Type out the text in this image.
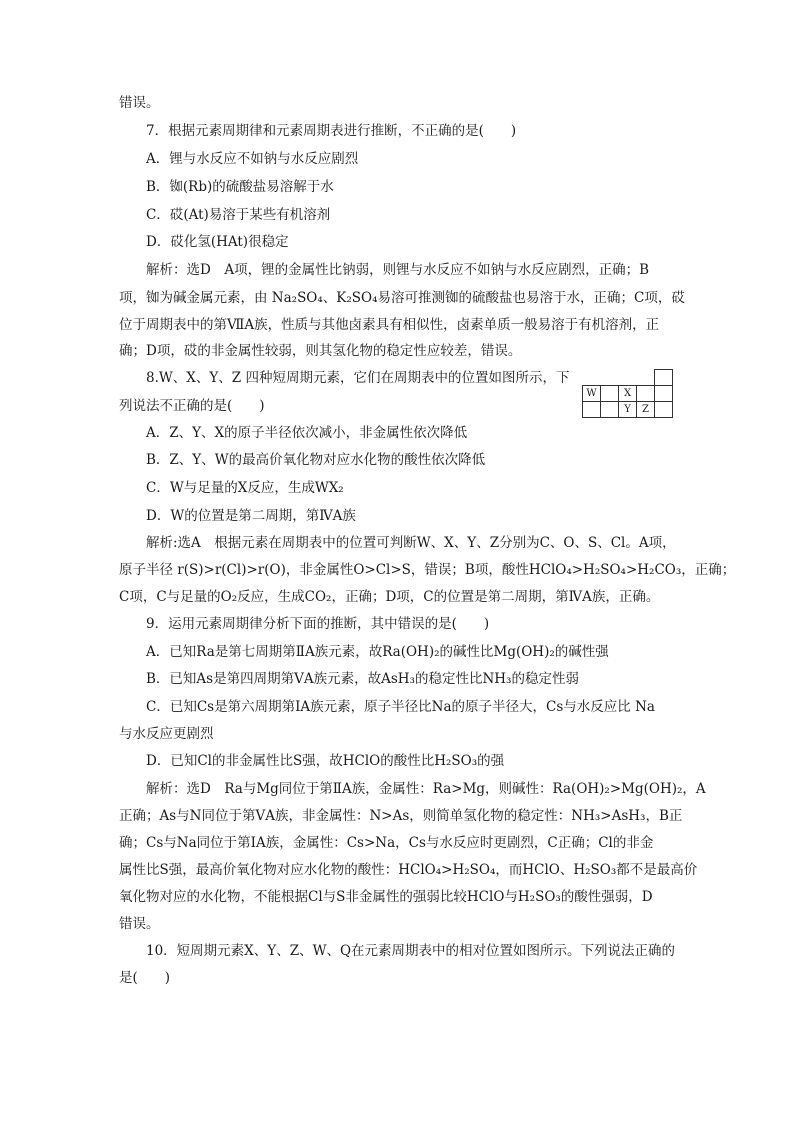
错误。
7．根据元素周期律和元素周期表进行推断，不正确的是(　　)
A．锂与水反应不如钠与水反应剧烈
B．铷(Rb)的硫酸盐易溶解于水
C．砹(At)易溶于某些有机溶剂
D．砹化氢(HAt)很稳定
解析：选D　A项，锂的金属性比钠弱，则锂与水反应不如钠与水反应剧烈，正确；B
项，铷为碱金属元素，由 Na₂SO₄、K₂SO₄易溶可推测铷的硫酸盐也易溶于水，正确；C项，砹
位于周期表中的第ⅦA族，性质与其他卤素具有相似性，卤素单质一般易溶于有机溶剂，正
确；D项，砹的非金属性较弱，则其氢化物的稳定性应较差，错误。
8.W、X、Y、Z 四种短周期元素，它们在周期表中的位置如图所示，下
列说法不正确的是(　　)

W		X		
		Y	Z	
A．Z、Y、X的原子半径依次减小，非金属性依次降低
B．Z、Y、W的最高价氧化物对应水化物的酸性依次降低
C．W与足量的X反应，生成WX₂
D．W的位置是第二周期，第ⅣA族
解析:选A　根据元素在周期表中的位置可判断W、X、Y、Z分别为C、O、S、Cl。A项，
原子半径 r(S)>r(Cl)>r(O)，非金属性O>Cl>S，错误；B项，酸性HClO₄>H₂SO₄>H₂CO₃，正确；
C项，C与足量的O₂反应，生成CO₂，正确；D项，C的位置是第二周期，第ⅣA族，正确。
9．运用元素周期律分析下面的推断，其中错误的是(　　)
A．已知Ra是第七周期第ⅡA族元素，故Ra(OH)₂的碱性比Mg(OH)₂的碱性强
B．已知As是第四周期第ⅤA族元素，故AsH₃的稳定性比NH₃的稳定性弱
C．已知Cs是第六周期第ⅠA族元素，原子半径比Na的原子半径大，Cs与水反应比 Na
与水反应更剧烈
D．已知Cl的非金属性比S强，故HClO的酸性比H₂SO₃的强
解析：选D　Ra与Mg同位于第ⅡA族，金属性：Ra>Mg，则碱性：Ra(OH)₂>Mg(OH)₂，A
正确；As与N同位于第ⅤA族，非金属性：N>As，则简单氢化物的稳定性：NH₃>AsH₃，B正
确；Cs与Na同位于第ⅠA族，金属性：Cs>Na，Cs与水反应时更剧烈，C正确；Cl的非金
属性比S强，最高价氧化物对应水化物的酸性：HClO₄>H₂SO₄，而HClO、H₂SO₃都不是最高价
氧化物对应的水化物，不能根据Cl与S非金属性的强弱比较HClO与H₂SO₃的酸性强弱，D
错误。
10．短周期元素X、Y、Z、W、Q在元素周期表中的相对位置如图所示。下列说法正确的
是(　　)
